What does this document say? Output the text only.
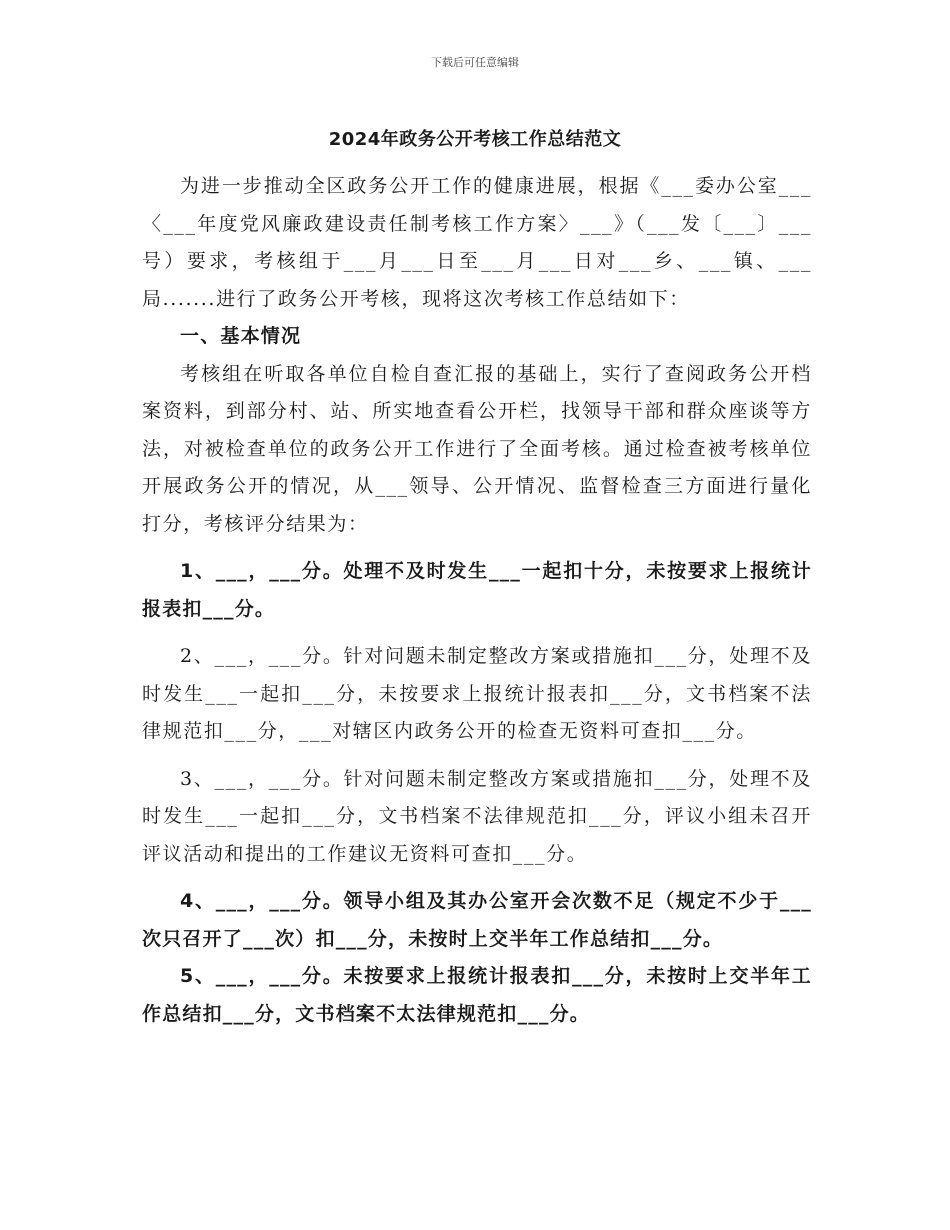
下载后可任意编辑
2024年政务公开考核工作总结范文

为进一步推动全区政务公开工作的健康进展，根据《___委办公室___〈___年度党风廉政建设责任制考核工作方案〉___》（___发〔___〕___号）要求，考核组于___月___日至___月___日对___乡、___镇、___局.......进行了政务公开考核，现将这次考核工作总结如下：

一、基本情况

考核组在听取各单位自检自查汇报的基础上，实行了查阅政务公开档案资料，到部分村、站、所实地查看公开栏，找领导干部和群众座谈等方法，对被检查单位的政务公开工作进行了全面考核。通过检查被考核单位开展政务公开的情况，从___领导、公开情况、监督检查三方面进行量化打分，考核评分结果为：

1、___，___分。处理不及时发生___一起扣十分，未按要求上报统计报表扣___分。

2、___，___分。针对问题未制定整改方案或措施扣___分，处理不及时发生___一起扣___分，未按要求上报统计报表扣___分，文书档案不法律规范扣___分，___对辖区内政务公开的检查无资料可查扣___分。

3、___，___分。针对问题未制定整改方案或措施扣___分，处理不及时发生___一起扣___分，文书档案不法律规范扣___分，评议小组未召开评议活动和提出的工作建议无资料可查扣___分。

4、___，___分。领导小组及其办公室开会次数不足（规定不少于___次只召开了___次）扣___分，未按时上交半年工作总结扣___分。

5、___，___分。未按要求上报统计报表扣___分，未按时上交半年工作总结扣___分，文书档案不太法律规范扣___分。
